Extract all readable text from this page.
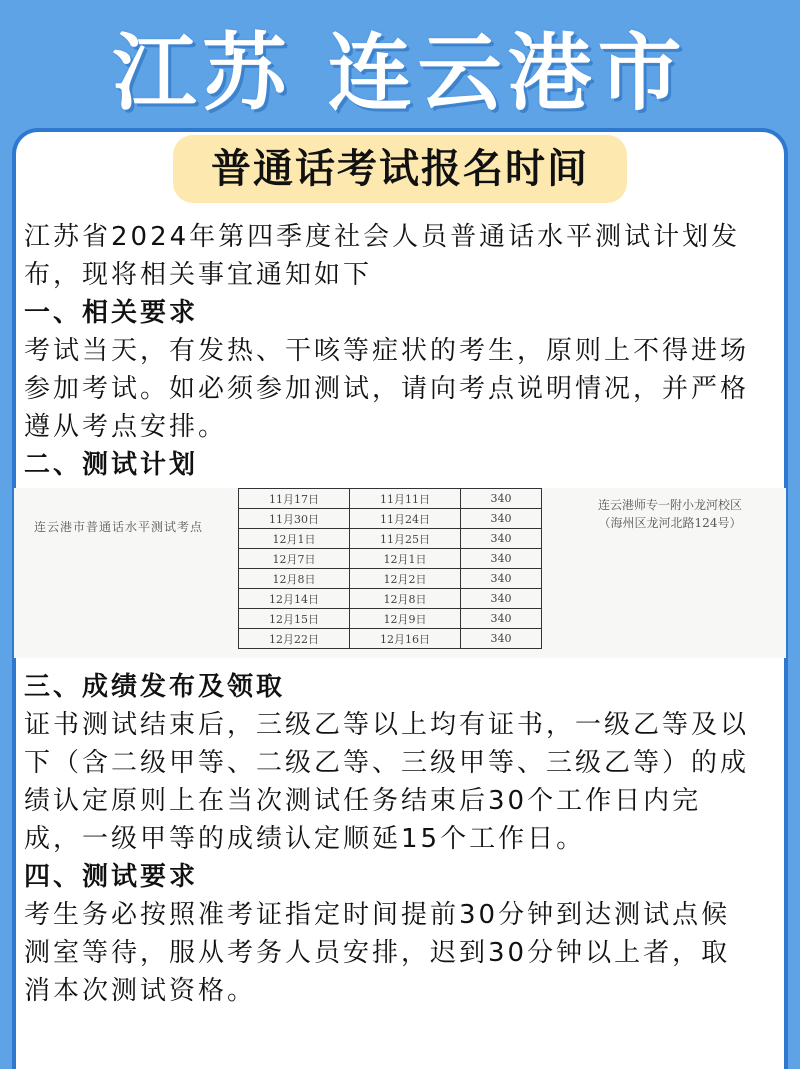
江苏 连云港市
普通话考试报名时间

江苏省2024年第四季度社会人员普通话水平测试计划发

布，现将相关事宜通知如下

一、相关要求

考试当天，有发热、干咳等症状的考生，原则上不得进场

参加考试。如必须参加测试，请向考点说明情况，并严格

遵从考点安排。

二、测试计划

连云港市普通话水平测试考点
11月17日	11月11日	340
11月30日	11月24日	340
12月1日	11月25日	340
12月7日	12月1日	340
12月8日	12月2日	340
12月14日	12月8日	340
12月15日	12月9日	340
12月22日	12月16日	340
连云港师专一附小龙河校区
（海州区龙河北路124号）

三、成绩发布及领取

证书测试结束后，三级乙等以上均有证书，一级乙等及以

下（含二级甲等、二级乙等、三级甲等、三级乙等）的成

绩认定原则上在当次测试任务结束后30个工作日内完

成，一级甲等的成绩认定顺延15个工作日。

四、测试要求

考生务必按照准考证指定时间提前30分钟到达测试点候

测室等待，服从考务人员安排，迟到30分钟以上者，取

消本次测试资格。
